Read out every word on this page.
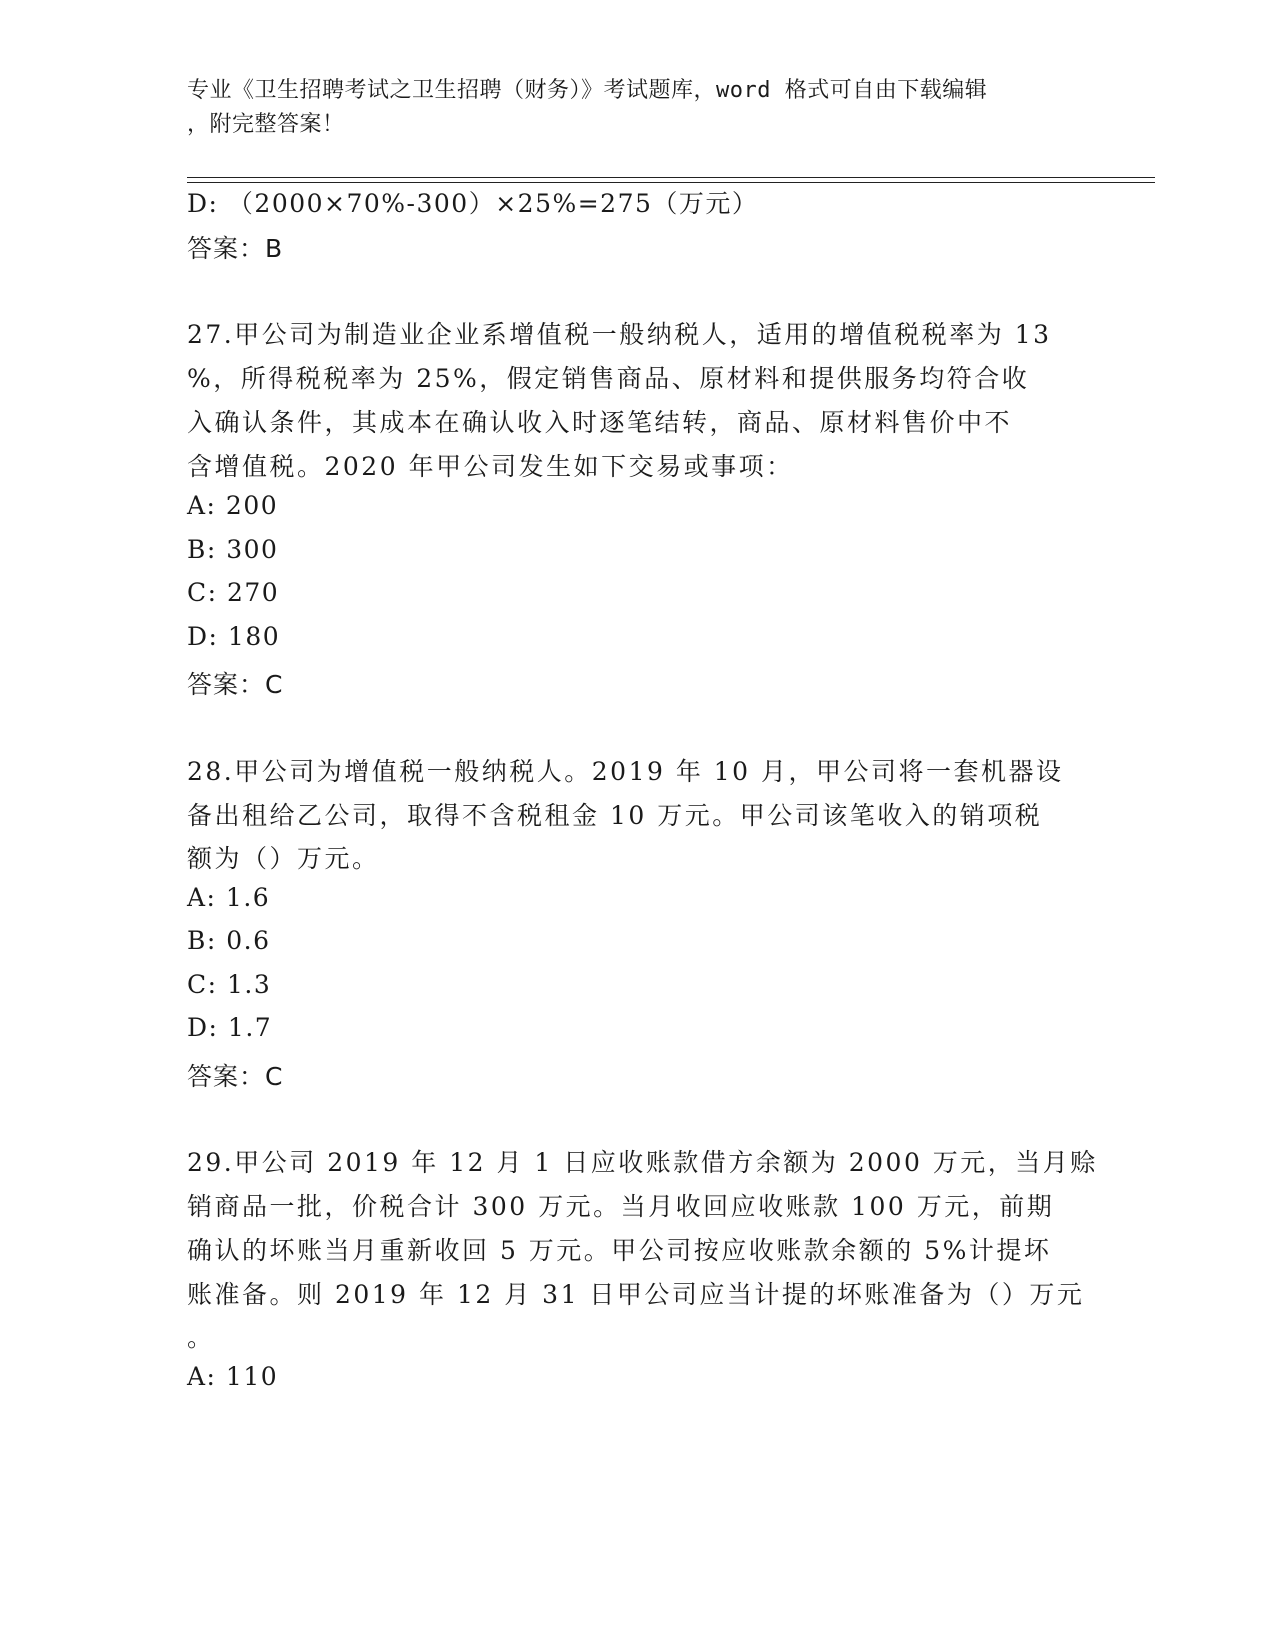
专业《卫生招聘考试之卫生招聘（财务）》考试题库，word 格式可自由下载编辑
，附完整答案！
D: （2000×70%-300）×25%=275（万元）
答案：B
27.甲公司为制造业企业系增值税一般纳税人，适用的增值税税率为 13
%，所得税税率为 25%，假定销售商品、原材料和提供服务均符合收
入确认条件，其成本在确认收入时逐笔结转，商品、原材料售价中不
含增值税。2020 年甲公司发生如下交易或事项：
A: 200
B: 300
C: 270
D: 180
答案：C
28.甲公司为增值税一般纳税人。2019 年 10 月，甲公司将一套机器设
备出租给乙公司，取得不含税租金 10 万元。甲公司该笔收入的销项税
额为（）万元。
A: 1.6
B: 0.6
C: 1.3
D: 1.7
答案：C
29.甲公司 2019 年 12 月 1 日应收账款借方余额为 2000 万元，当月赊
销商品一批，价税合计 300 万元。当月收回应收账款 100 万元，前期
确认的坏账当月重新收回 5 万元。甲公司按应收账款余额的 5%计提坏
账准备。则 2019 年 12 月 31 日甲公司应当计提的坏账准备为（）万元
。
A: 110
